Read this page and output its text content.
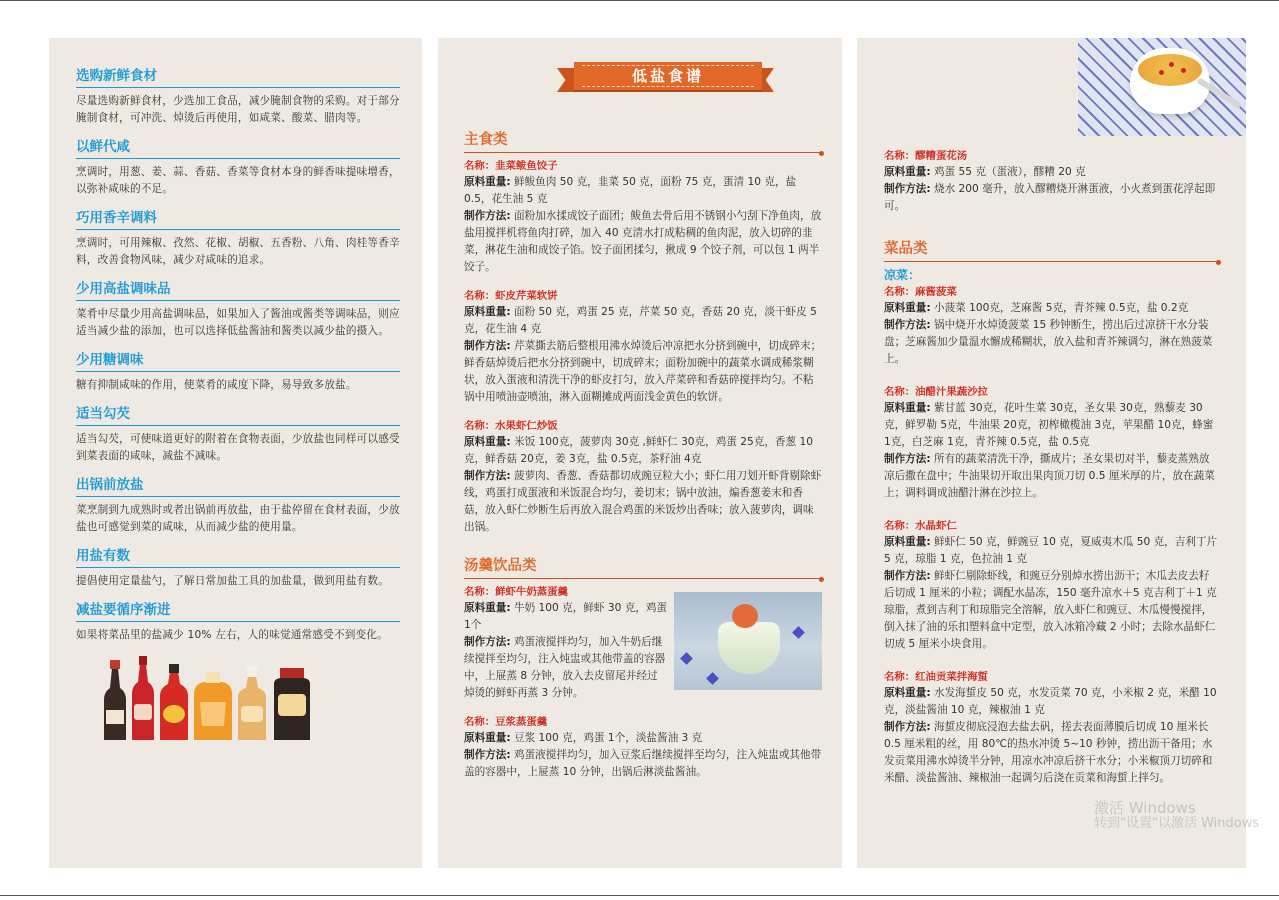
选购新鲜食材
尽量选购新鲜食材，少选加工食品，减少腌制食物的采购。对于部分腌制食材，可冲洗、焯烫后再使用，如咸菜、酸菜、腊肉等。
以鲜代咸
烹调时，用葱、姜、蒜、香菇、香菜等食材本身的鲜香味提味增香，以弥补咸味的不足。
巧用香辛调料
烹调时，可用辣椒、孜然、花椒、胡椒、五香粉、八角、肉桂等香辛料，改善食物风味，减少对咸味的追求。
少用高盐调味品
菜肴中尽量少用高盐调味品，如果加入了酱油或酱类等调味品，则应适当减少盐的添加，也可以选择低盐酱油和酱类以减少盐的摄入。
少用糖调味
糖有抑制咸味的作用，使菜肴的咸度下降，易导致多放盐。
适当勾芡
适当勾芡，可使味道更好的附着在食物表面，少放盐也同样可以感受到菜表面的咸味，减盐不减味。
出锅前放盐
菜烹制到九成熟时或者出锅前再放盐，由于盐停留在食材表面，少放盐也可感觉到菜的咸味，从而减少盐的使用量。
用盐有数
提倡使用定量盐勺，了解日常加盐工具的加盐量，做到用盐有数。
减盐要循序渐进
如果将菜品里的盐减少 10% 左右，人的味觉通常感受不到变化。
低盐食谱
主食类
名称：韭菜鲅鱼饺子
原料重量: 鲜鲅鱼肉 50 克，韭菜 50 克，面粉 75 克，蛋清 10 克，盐 0.5，花生油 5 克
制作方法: 面粉加水揉成饺子面团；鲅鱼去骨后用不锈钢小勺刮下净鱼肉，放盐用搅拌机将鱼肉打碎，加入 40 克清水打成粘稠的鱼肉泥，放入切碎的韭菜，淋花生油和成饺子馅。饺子面团揉匀，揪成 9 个饺子剂，可以包 1 两半饺子。
名称：虾皮芹菜软饼
原料重量: 面粉 50 克，鸡蛋 25 克，芹菜 50 克，香菇 20 克，淡干虾皮 5 克，花生油 4 克
制作方法: 芹菜撕去筋后整根用沸水焯烫后冲凉把水分挤到碗中，切成碎末；鲜香菇焯烫后把水分挤到碗中，切成碎末；面粉加碗中的蔬菜水调成稀浆糊状，放入蛋液和清洗干净的虾皮打匀，放入芹菜碎和香菇碎搅拌均匀。不粘锅中用喷油壶喷油，淋入面糊摊成两面浅金黄色的软饼。
名称：水果虾仁炒饭
原料重量: 米饭 100克，菠萝肉 30克 ,鲜虾仁 30克，鸡蛋 25克，香葱 10克，鲜香菇 20克，姜 3克，盐 0.5克，茶籽油 4克
制作方法: 菠萝肉、香葱、香菇都切成豌豆粒大小；虾仁用刀划开虾背剔除虾线，鸡蛋打成蛋液和米饭混合均匀，姜切末；锅中放油，煸香葱姜末和香菇，放入虾仁炒断生后再放入混合鸡蛋的米饭炒出香味；放入菠萝肉，调味出锅。
汤羹饮品类
名称：鲜虾牛奶蒸蛋羹
原料重量: 牛奶 100 克，鲜虾 30 克，鸡蛋 1个
制作方法: 鸡蛋液搅拌均匀，加入牛奶后继续搅拌至均匀，注入炖盅或其他带盖的容器中，上屉蒸 8 分钟，放入去皮留尾并经过焯烫的鲜虾再蒸 3 分钟。
名称：豆浆蒸蛋羹
原料重量: 豆浆 100 克，鸡蛋 1个，淡盐酱油 3 克
制作方法: 鸡蛋液搅拌均匀，加入豆浆后继续搅拌至均匀，注入炖盅或其他带盖的容器中，上屉蒸 10 分钟，出锅后淋淡盐酱油。
名称：醪糟蛋花汤
原料重量: 鸡蛋 55 克（蛋液），醪糟 20 克
制作方法: 烧水 200 毫升，放入醪糟烧开淋蛋液，小火煮到蛋花浮起即可。
菜品类
凉菜：
名称：麻酱菠菜
原料重量: 小菠菜 100克，芝麻酱 5克，青芥辣 0.5克，盐 0.2克
制作方法: 锅中烧开水焯烫菠菜 15 秒钟断生，捞出后过凉挤干水分装盘；芝麻酱加少量温水懈成稀糊状，放入盐和青芥辣调匀，淋在熟菠菜上。
名称：油醋汁果蔬沙拉
原料重量: 紫甘蓝 30克，花叶生菜 30克，圣女果 30克，熟藜麦 30克，鲜罗勒 5克，牛油果 20克，初榨橄榄油 3克，苹果醋 10克，蜂蜜 1克，白芝麻 1克，青芥辣 0.5克，盐 0.5克
制作方法: 所有的蔬菜清洗干净，撕成片；圣女果切对半，藜麦蒸熟放凉后撒在盘中；牛油果切开取出果肉顶刀切 0.5 厘米厚的片，放在蔬菜上；调料调成油醋汁淋在沙拉上。
名称：水晶虾仁
原料重量: 鲜虾仁 50 克，鲜豌豆 10 克，夏威夷木瓜 50 克，吉利丁片 5 克，琼脂 1 克，色拉油 1 克
制作方法: 鲜虾仁剔除虾线，和豌豆分别焯水捞出沥干；木瓜去皮去籽后切成 1 厘米的小粒；调配水晶冻，150 毫升凉水＋5 克吉利丁＋1 克琼脂，煮到吉利丁和琼脂完全溶解，放入虾仁和豌豆、木瓜慢慢搅拌，倒入抹了油的乐扣塑料盒中定型，放入冰箱冷藏 2 小时；去除水晶虾仁切成 5 厘米小块食用。
名称：红油贡菜拌海蜇
原料重量: 水发海蜇皮 50 克，水发贡菜 70 克，小米椒 2 克，米醋 10 克，淡盐酱油 10 克，辣椒油 1 克
制作方法: 海蜇皮彻底浸泡去盐去矾，搓去表面薄膜后切成 10 厘米长 0.5 厘米粗的丝，用 80℃的热水冲烫 5~10 秒钟，捞出沥干备用；水发贡菜用沸水焯烫半分钟，用凉水冲凉后挤干水分；小米椒顶刀切碎和米醋、淡盐酱油、辣椒油一起调匀后浇在贡菜和海蜇上拌匀。
激活 Windows
转到"设置"以激活 Windows
